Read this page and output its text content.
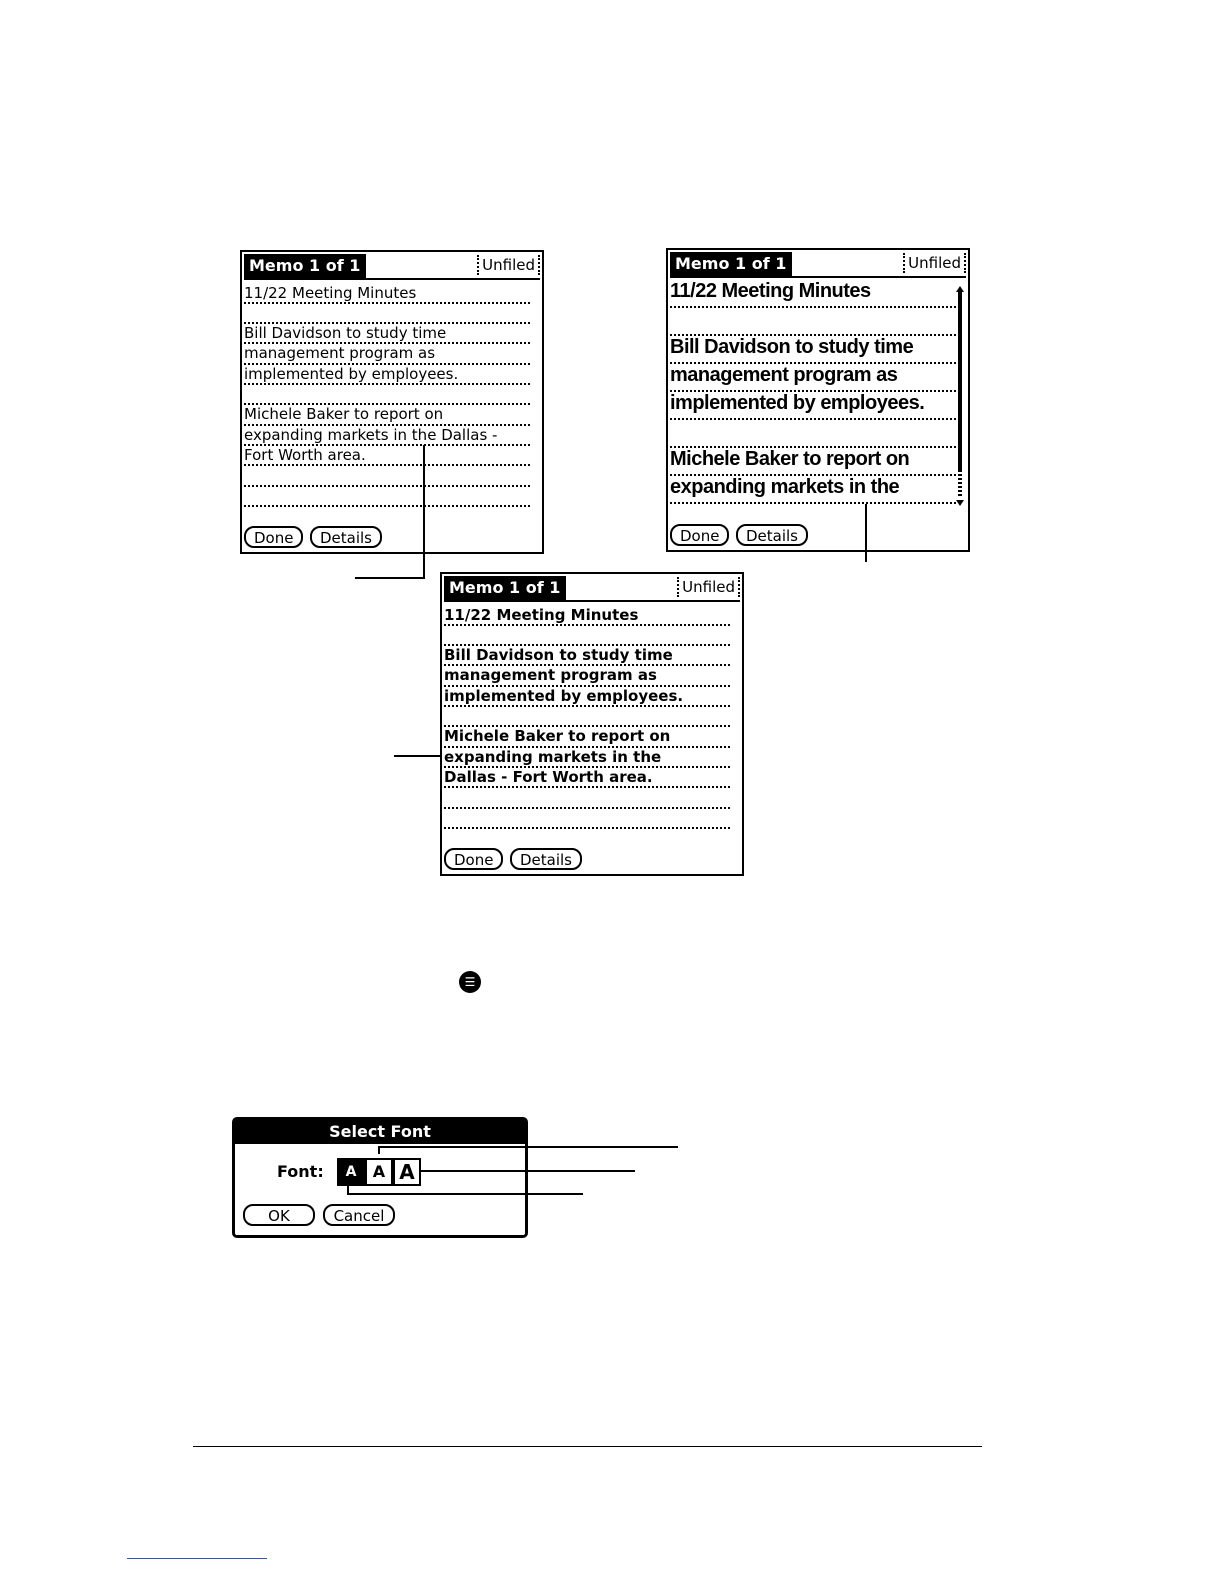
Memo 1 of 1	Unfiled
11/22 Meeting Minutes
Bill Davidson to study time
management program as
implemented by employees.
Michele Baker to report on
expanding markets in the Dallas -
Fort Worth area.
Done	Details
Memo 1 of 1	Unfiled
11/22 Meeting Minutes
Bill Davidson to study time
management program as
implemented by employees.
Michele Baker to report on
expanding markets in the
Done	Details
Memo 1 of 1	Unfiled
11/22 Meeting Minutes
Bill Davidson to study time
management program as
implemented by employees.
Michele Baker to report on
expanding markets in the
Dallas - Fort Worth area.
Done	Details
☰
Select Font
Font:	A	A A
OK	Cancel
